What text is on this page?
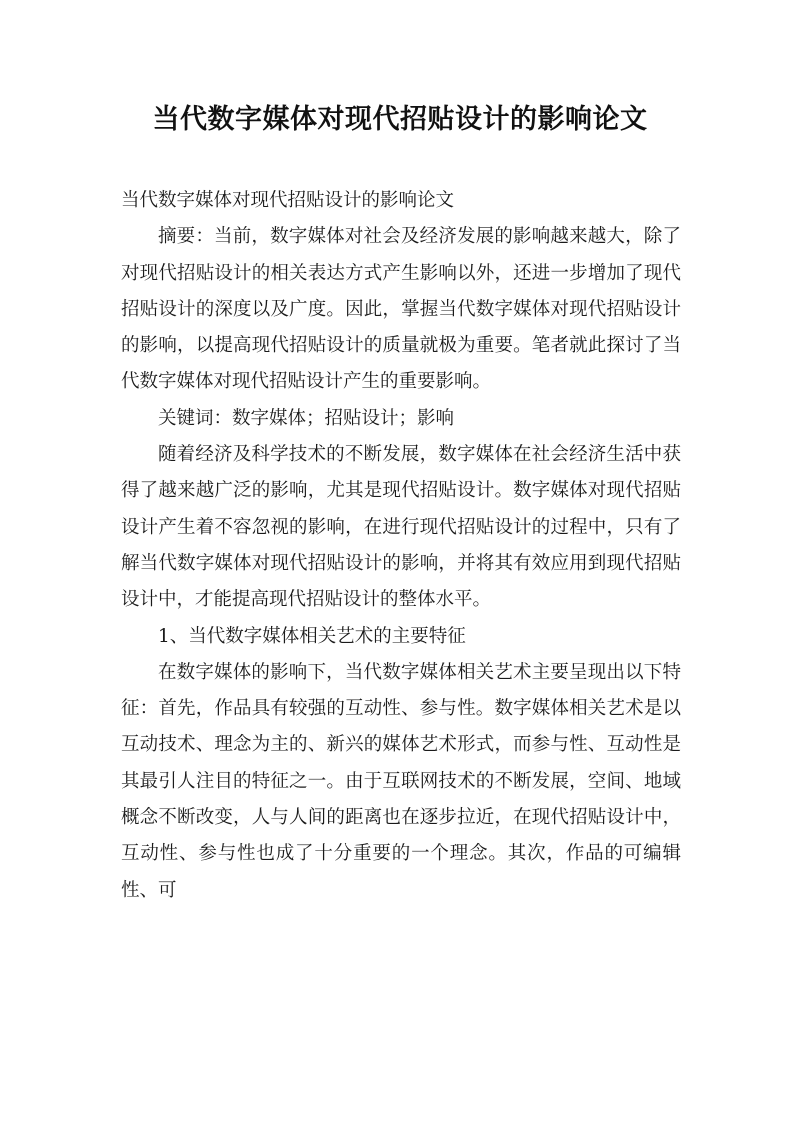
当代数字媒体对现代招贴设计的影响论文

当代数字媒体对现代招贴设计的影响论文

摘要：当前，数字媒体对社会及经济发展的影响越来越大，除了对现代招贴设计的相关表达方式产生影响以外，还进一步增加了现代招贴设计的深度以及广度。因此，掌握当代数字媒体对现代招贴设计的影响，以提高现代招贴设计的质量就极为重要。笔者就此探讨了当代数字媒体对现代招贴设计产生的重要影响。

关键词：数字媒体；招贴设计；影响

随着经济及科学技术的不断发展，数字媒体在社会经济生活中获得了越来越广泛的影响，尤其是现代招贴设计。数字媒体对现代招贴设计产生着不容忽视的影响，在进行现代招贴设计的过程中，只有了解当代数字媒体对现代招贴设计的影响，并将其有效应用到现代招贴设计中，才能提高现代招贴设计的整体水平。

1、当代数字媒体相关艺术的主要特征

在数字媒体的影响下，当代数字媒体相关艺术主要呈现出以下特征：首先，作品具有较强的互动性、参与性。数字媒体相关艺术是以互动技术、理念为主的、新兴的媒体艺术形式，而参与性、互动性是其最引人注目的特征之一。由于互联网技术的不断发展，空间、地域概念不断改变，人与人间的距离也在逐步拉近，在现代招贴设计中，互动性、参与性也成了十分重要的一个理念。其次，作品的可编辑性、可
